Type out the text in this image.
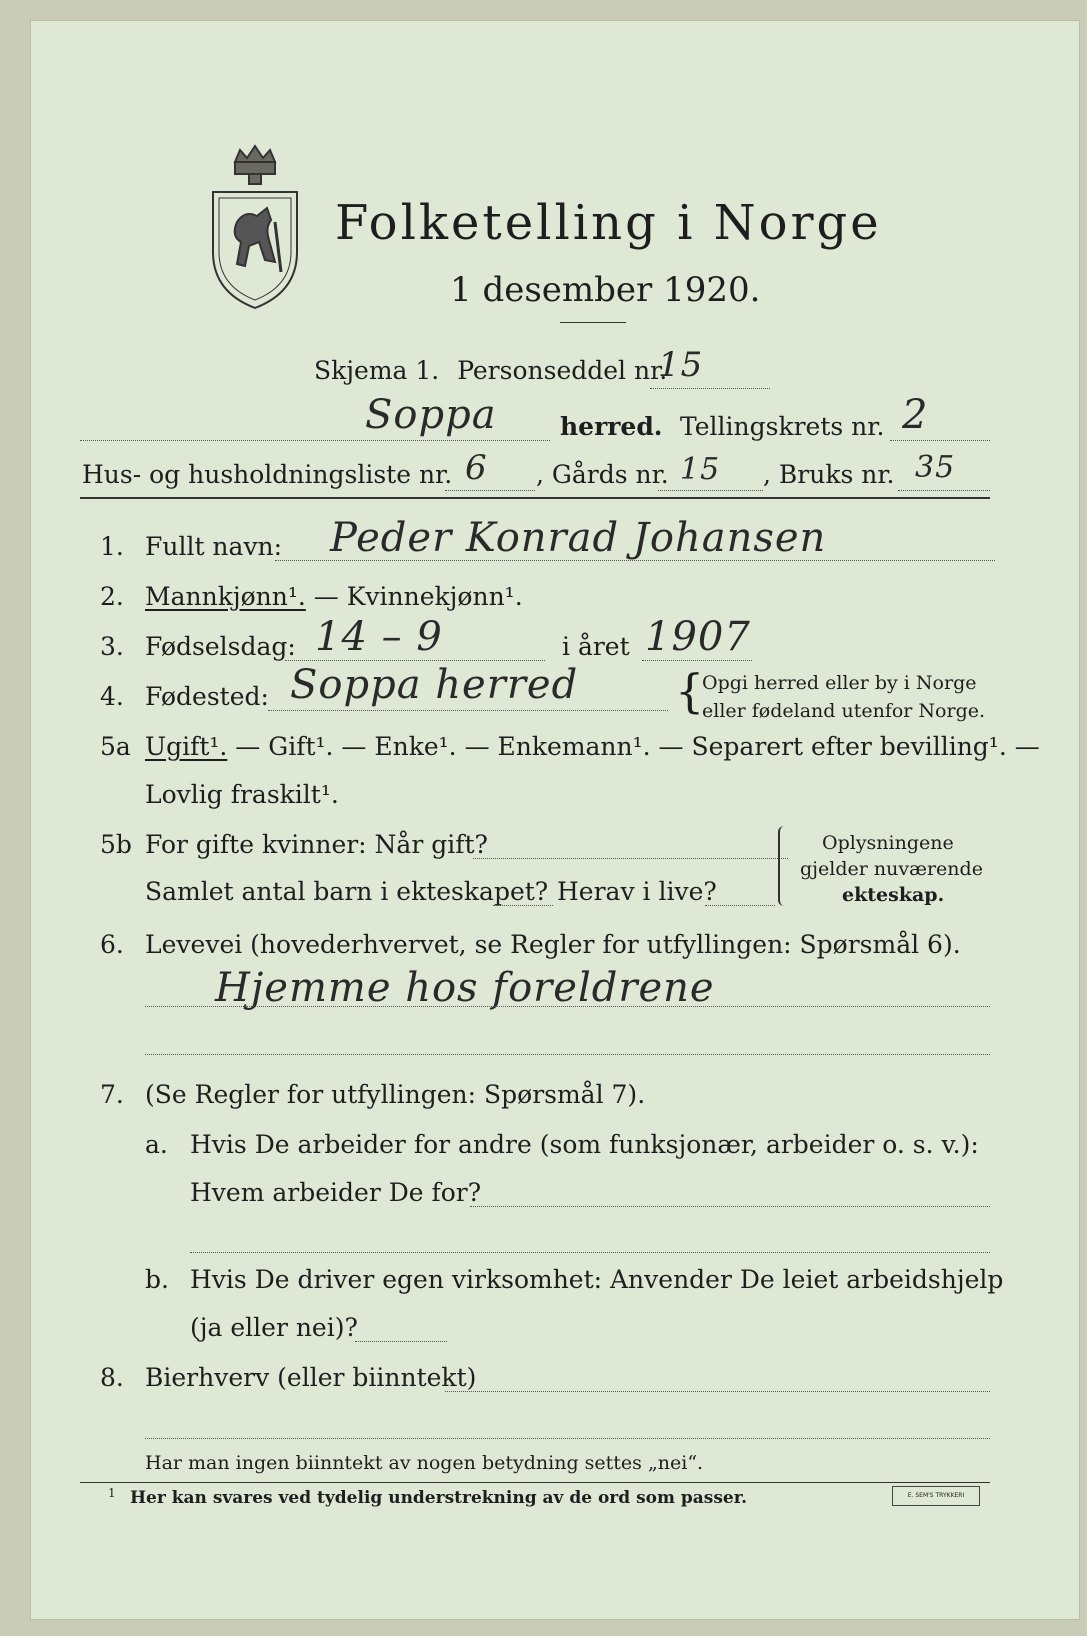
Folketelling i Norge
1 desember 1920.
Skjema 1. Personseddel nr.
15
Soppa	herred. Tellingskrets nr. 2
Hus- og husholdningsliste nr. 6 , Gårds nr. 15 , Bruks nr. 35
1. Fullt navn: Peder Konrad Johansen
2. Mannkjønn¹. — Kvinnekjønn¹.
3. Fødselsdag: 14 – 9	i året 1907
4. Fødested: Soppa herred {
Opgi herred eller by i Norge
eller fødeland utenfor Norge.
5a Ugift¹. — Gift¹. — Enke¹. — Enkemann¹. — Separert efter bevilling¹. —
Lovlig fraskilt¹.
5b For gifte kvinner: Når gift?
Samlet antal barn i ekteskapet? Herav i live?
Oplysningene
gjelder nuværende
ekteskap.
6. Levevei (hovederhvervet, se Regler for utfyllingen: Spørsmål 6).
Hjemme hos foreldrene
7. (Se Regler for utfyllingen: Spørsmål 7).
a. Hvis De arbeider for andre (som funksjonær, arbeider o. s. v.):
Hvem arbeider De for?
b. Hvis De driver egen virksomhet: Anvender De leiet arbeidshjelp
(ja eller nei)?
8. Bierhverv (eller biinntekt)
Har man ingen biinntekt av nogen betydning settes „nei“.
1 Her kan svares ved tydelig understrekning av de ord som passer.	E. SEM'S TRYKKERI
